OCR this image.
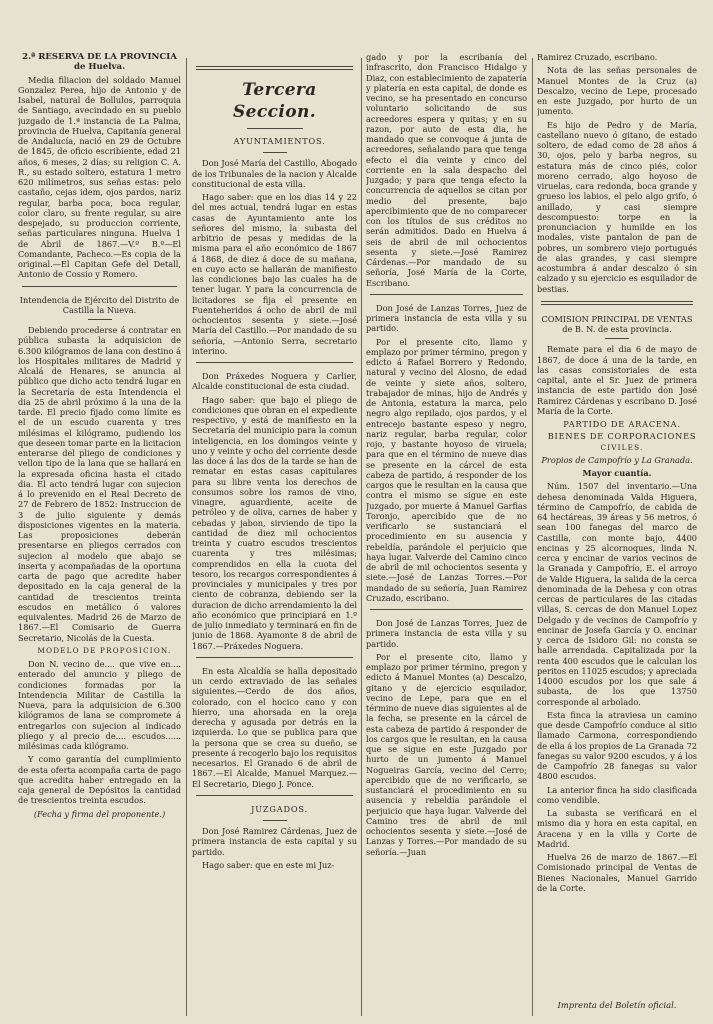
2.ª RESERVA DE LA PROVINCIA de Huelva.

Media filiacion del soldado Manuel Gonzalez Perea, hijo de Antonio y de Isabel, natural de Bollulos, parroquia de Santiago, avecindado en su pueblo juzgado de 1.ª instancia de La Palma, provincia de Huelva, Capitanía general de Andalucía, nació en 29 de Octubre de 1845, de oficio escribiente, edad 21 años, 6 meses, 2 días; su religion C. A. R., su estado soltero, estatura 1 metro 620 milímetros, sus señas estas: pelo castaño, cejas idem, ojos pardos, nariz regular, barba poca, boca regular, color claro, su frente regular, su aire despejado, su produccion corriente, señas particulares ninguna. Huelva 1 de Abril de 1867.—V.º B.º—El Comandante, Pacheco.—Es copia de la original.—El Capitan Gefe del Detall, Antonio de Cossio y Romero.

Intendencia de Ejército del Distrito de Castilla la Nueva.

Debiendo procederse á contratar en pública subasta la adquisicion de 6.300 kilógramos de lana con destino á los Hospitales militares de Madrid y Alcalá de Henares, se anuncia al público que dicho acto tendrá lugar en la Secretaría de esta Intendencia el dia 25 de abril próximo á la una de la tarde. El precio fijado como límite es el de un escudo cuarenta y tres milésimas el kilógramo, pudiendo los que deseen tomar parte en la licitacion enterarse del pliego de condiciones y vellon tipo de la lana que se hallará en la expresada oficina hasta el citado dia. El acto tendrá lugar con sujecion á lo prevenido en el Real Decreto de 27 de Febrero de 1852: Instruccion de 3 de julio siguiente y demás disposiciones vigentes en la materia. Las proposiciones deberán presentarse en pliegos cerrados con sujecion al modelo que abajo se inserta y acompañadas de la oportuna carta de pago que acredite haber depositado en la caja general de la cantidad de trescientos treinta escudos en metálico ó valores equivalentes. Madrid 26 de Marzo de 1867.—El Comisario de Guerra Secretario, Nicolás de la Cuesta.

MODELO DE PROPOSICION.

Don N. vecino de.... que vive en.... enterado del anuncio y pliego de condiciones formadas por la Intendencia Militar de Castilla la Nueva, para la adquisicion de 6.300 kilógramos de lana se compromete á entregarlos con sujecion al indicado pliego y al precio de.... escudos...... milésimas cada kilógramo.

Y como garantía del cumplimiento de esta oferta acompaña carta de pago que acredita haber entregado en la caja general de Depósitos la cantidad de trescientos treinta escudos.

(Fecha y firma del proponente.)

Tercera Seccion.

AYUNTAMIENTOS.

Don José María del Castillo, Abogado de los Tribunales de la nacion y Alcalde constitucional de esta villa.

Hago saber: que en los dias 14 y 22 del mes actual, tendrá lugar en estas casas de Ayuntamiento ante los señores del mismo, la subasta del arbitrio de pesas y medidas de la misma para el año económico de 1867 á 1868, de diez á doce de su mañana, en cuyo acto se hallarán de manifiesto las condiciones bajo las cuales ha de tener lugar. Y para la concurrencia de licitadores se fija el presente en Fuenteheridos á ocho de abril de mil ochocientos sesenta y siete.—José María del Castillo.—Por mandado de su señoría, —Antonio Serra, secretario interino.

Don Práxedes Noguera y Carlier, Alcalde constitucional de esta ciudad.

Hago saber: que bajo el pliego de condiciones que obran en el expediente respectivo, y está de manifiesto en la Secretaría del municipio para la comun inteligencia, en los domingos veinte y uno y veinte y ocho del corriente desde las doce á las dos de la tarde se han de rematar en estas casas capitulares para su libre venta los derechos de consumos sobre los ramos de vino, vinagre, aguardiente, aceite de petróleo y de oliva, carnes de haber y cebadas y jabon, sirviendo de tipo la cantidad de diez mil ochocientos treinta y cuatro escudos trescientos cuarenta y tres milésimas; comprendidos en ella la cuota del tesoro, los recargos correspondientes á provinciales y municipales y tres por ciento de cobranza, debiendo ser la duracion de dicho arrendamiento la del año económico que principiará en 1.º de julio inmediato y terminará en fin de junio de 1868. Ayamonte 8 de abril de 1867.—Práxedes Noguera.

En esta Alcaldía se halla depositado un cerdo extraviado de las señales siguientes.—Cerdo de dos años, colorado, con el hocico cano y con hierro, una ahorsada en la oreja derecha y agusada por detrás en la izquierda. Lo que se publica para que la persona que se crea su dueño, se presente á recogerlo bajo los requisitos necesarios. El Granado 6 de abril de 1867.—El Alcalde, Manuel Marquez.—El Secretario, Diego J. Ponce.

JUZGADOS.

Don José Ramirez Cárdenas, Juez de primera instancia de esta capital y su partido.

Hago saber: que en este mi Juz-

gado y por la escribanía del infrascrito, don Francisco Hidalgo y Diaz, con establecimiento de zapatería y platería en esta capital, de donde es vecino, se ha presentado en concurso voluntario solicitando de sus acreedores espera y quitas; y en su razon, por auto de esta dia, he mandado que se convoque á junta de acreedores, señalando para que tenga efecto el dia veinte y cinco del corriente en la sala despacho del Juzgado; y para que tenga efecto la concurrencia de aquellos se citan por medio del presente, bajo apercibimiento que de no comparecer con los títulos de sus créditos no serán admitidos. Dado en Huelva á seis de abril de mil ochocientos sesenta y siete.—José Ramirez Cárdenas.—Por mandado de su señoría, José María de la Corte, Escribano.

Don José de Lanzas Torres, Juez de primera instancia de esta villa y su partido.

Por el presente cito, llamo y emplazo por primer término, pregon y edicto á Rafael Borrero y Redondo, natural y vecino del Alosno, de edad de veinte y siete años, soltero, trabajador de minas, hijo de Andrés y de Antonia, estatura la marca, pelo negro algo repilado, ojos pardos, y el entrecejo bastante espeso y negro, nariz regular, barba regular, color rojo, y bastante hoyoso de viruela; para que en el término de nueve dias se presente en la cárcel de esta cabeza de partido, á responder de los cargos que le resultan en la causa que contra el mismo se sigue en este Juzgado, por muerte á Manuel Garfias Toronjo, apercibido que de no verificarlo se sustanciará el procedimiento en su ausencia y rebeldía, parándole el perjuicio que haya lugar. Valverde del Camino cinco de abril de mil ochocientos sesenta y siete.—José de Lanzas Torres.—Por mandado de su señoría, Juan Ramirez Cruzado, escribano.

Don José de Lanzas Torres, Juez de primera instancia de esta villa y su partido.

Por el presente cito, llamo y emplazo por primer término, pregon y edicto á Manuel Montes (a) Descalzo, gitano y de ejercicio esquilador, vecino de Lepe, para que en el término de nueve dias siguientes al de la fecha, se presente en la cárcel de esta cabeza de partido á responder de los cargos que le resultan, en la causa que se sigue en este Juzgado por hurto de un jumento á Manuel Nogueiras García, vecino del Cerro; apercibido que de no verificarlo, se sustanciará el procedimiento en su ausencia y rebeldía parándole el perjuicio que haya lugar. Valverde del Camino tres de abril de mil ochocientos sesenta y siete.—José de Lanzas y Torres.—Por mandado de su señoría.—Juan

Ramirez Cruzado, escribano.

Nota de las señas personales de Manuel Montes de la Cruz (a) Descalzo, vecino de Lepe, procesado en este Juzgado, por hurto de un jumento.

Es hijo de Pedro y de María, castellano nuevo ó gitano, de estado soltero, de edad como de 28 años á 30, ojos, pelo y barba negros, su estatura más de cinco piés, color moreno cerrado, algo hoyoso de viruelas, cara redonda, boca grande y grueso los labios, el pelo algo grifo, ó anillado, y casi siempre descompuesto: torpe en la pronunciacion y humilde en los modales, viste pantalon de pan de pobres, un sombrero viejo portugués de alas grandes, y casi siempre acostumbra á andar descalzo ó sin calzado y su ejercicio es esquilador de bestias.

COMISION PRINCIPAL DE VENTAS de B. N. de esta provincia.

Remate para el dia 6 de mayo de 1867, de doce á una de la tarde, en las casas consistoriales de esta capital, ante el Sr. Juez de primera instancia de este partido don José Ramirez Cárdenas y escribano D. José María de la Corte.

PARTIDO DE ARACENA.

BIENES DE CORPORACIONES

CIVILES.

Propios de Campofrío y La Granada.

Mayor cuantía.

Núm. 1507 del inventario.—Una dehesa denominada Valda Higuera, término de Campofrío, de cabida de 64 hectáreas, 39 áreas y 56 metros, ó sean 100 fanegas del marco de Castilla, con monte bajo, 4400 encinas y 25 alcornoques, linda N. cerca y encinar de varios vecinos de la Granada y Campofrío, E. el arroyo de Valde Higuera, la salida de la cerca denominada de la Dehesa y con otras cercas de particulares de las citadas villas, S. cercas de don Manuel Lopez Delgado y de vecinos de Campofrío y encinar de Josefa García y O. encinar y cerca de Isidoro Gil: no consta se halle arrendada. Capitalizada por la renta 400 escudos que le calculan los peritos en 11025 escudos; y apreciada 14000 escudos por los que sale á subasta, de los que 13750 corresponde al arbolado.

Esta finca la atraviesa un camino que desde Campofrío conduce al sitio llamado Carmona, correspondiendo de ella á los propios de La Granada 72 fanegas su valor 9200 escudos, y á los de Campofrío 28 fanegas su valor 4800 escudos.

La anterior finca ha sido clasificada como vendible.

La subasta se verificará en el mismo dia y hora en esta capital, en Aracena y en la villa y Corte de Madrid.

Huelva 26 de marzo de 1867.—El Comisionado principal de Ventas de Bienes Nacionales, Manuel Garrido de la Corte.

Imprenta del Boletín oficial.
